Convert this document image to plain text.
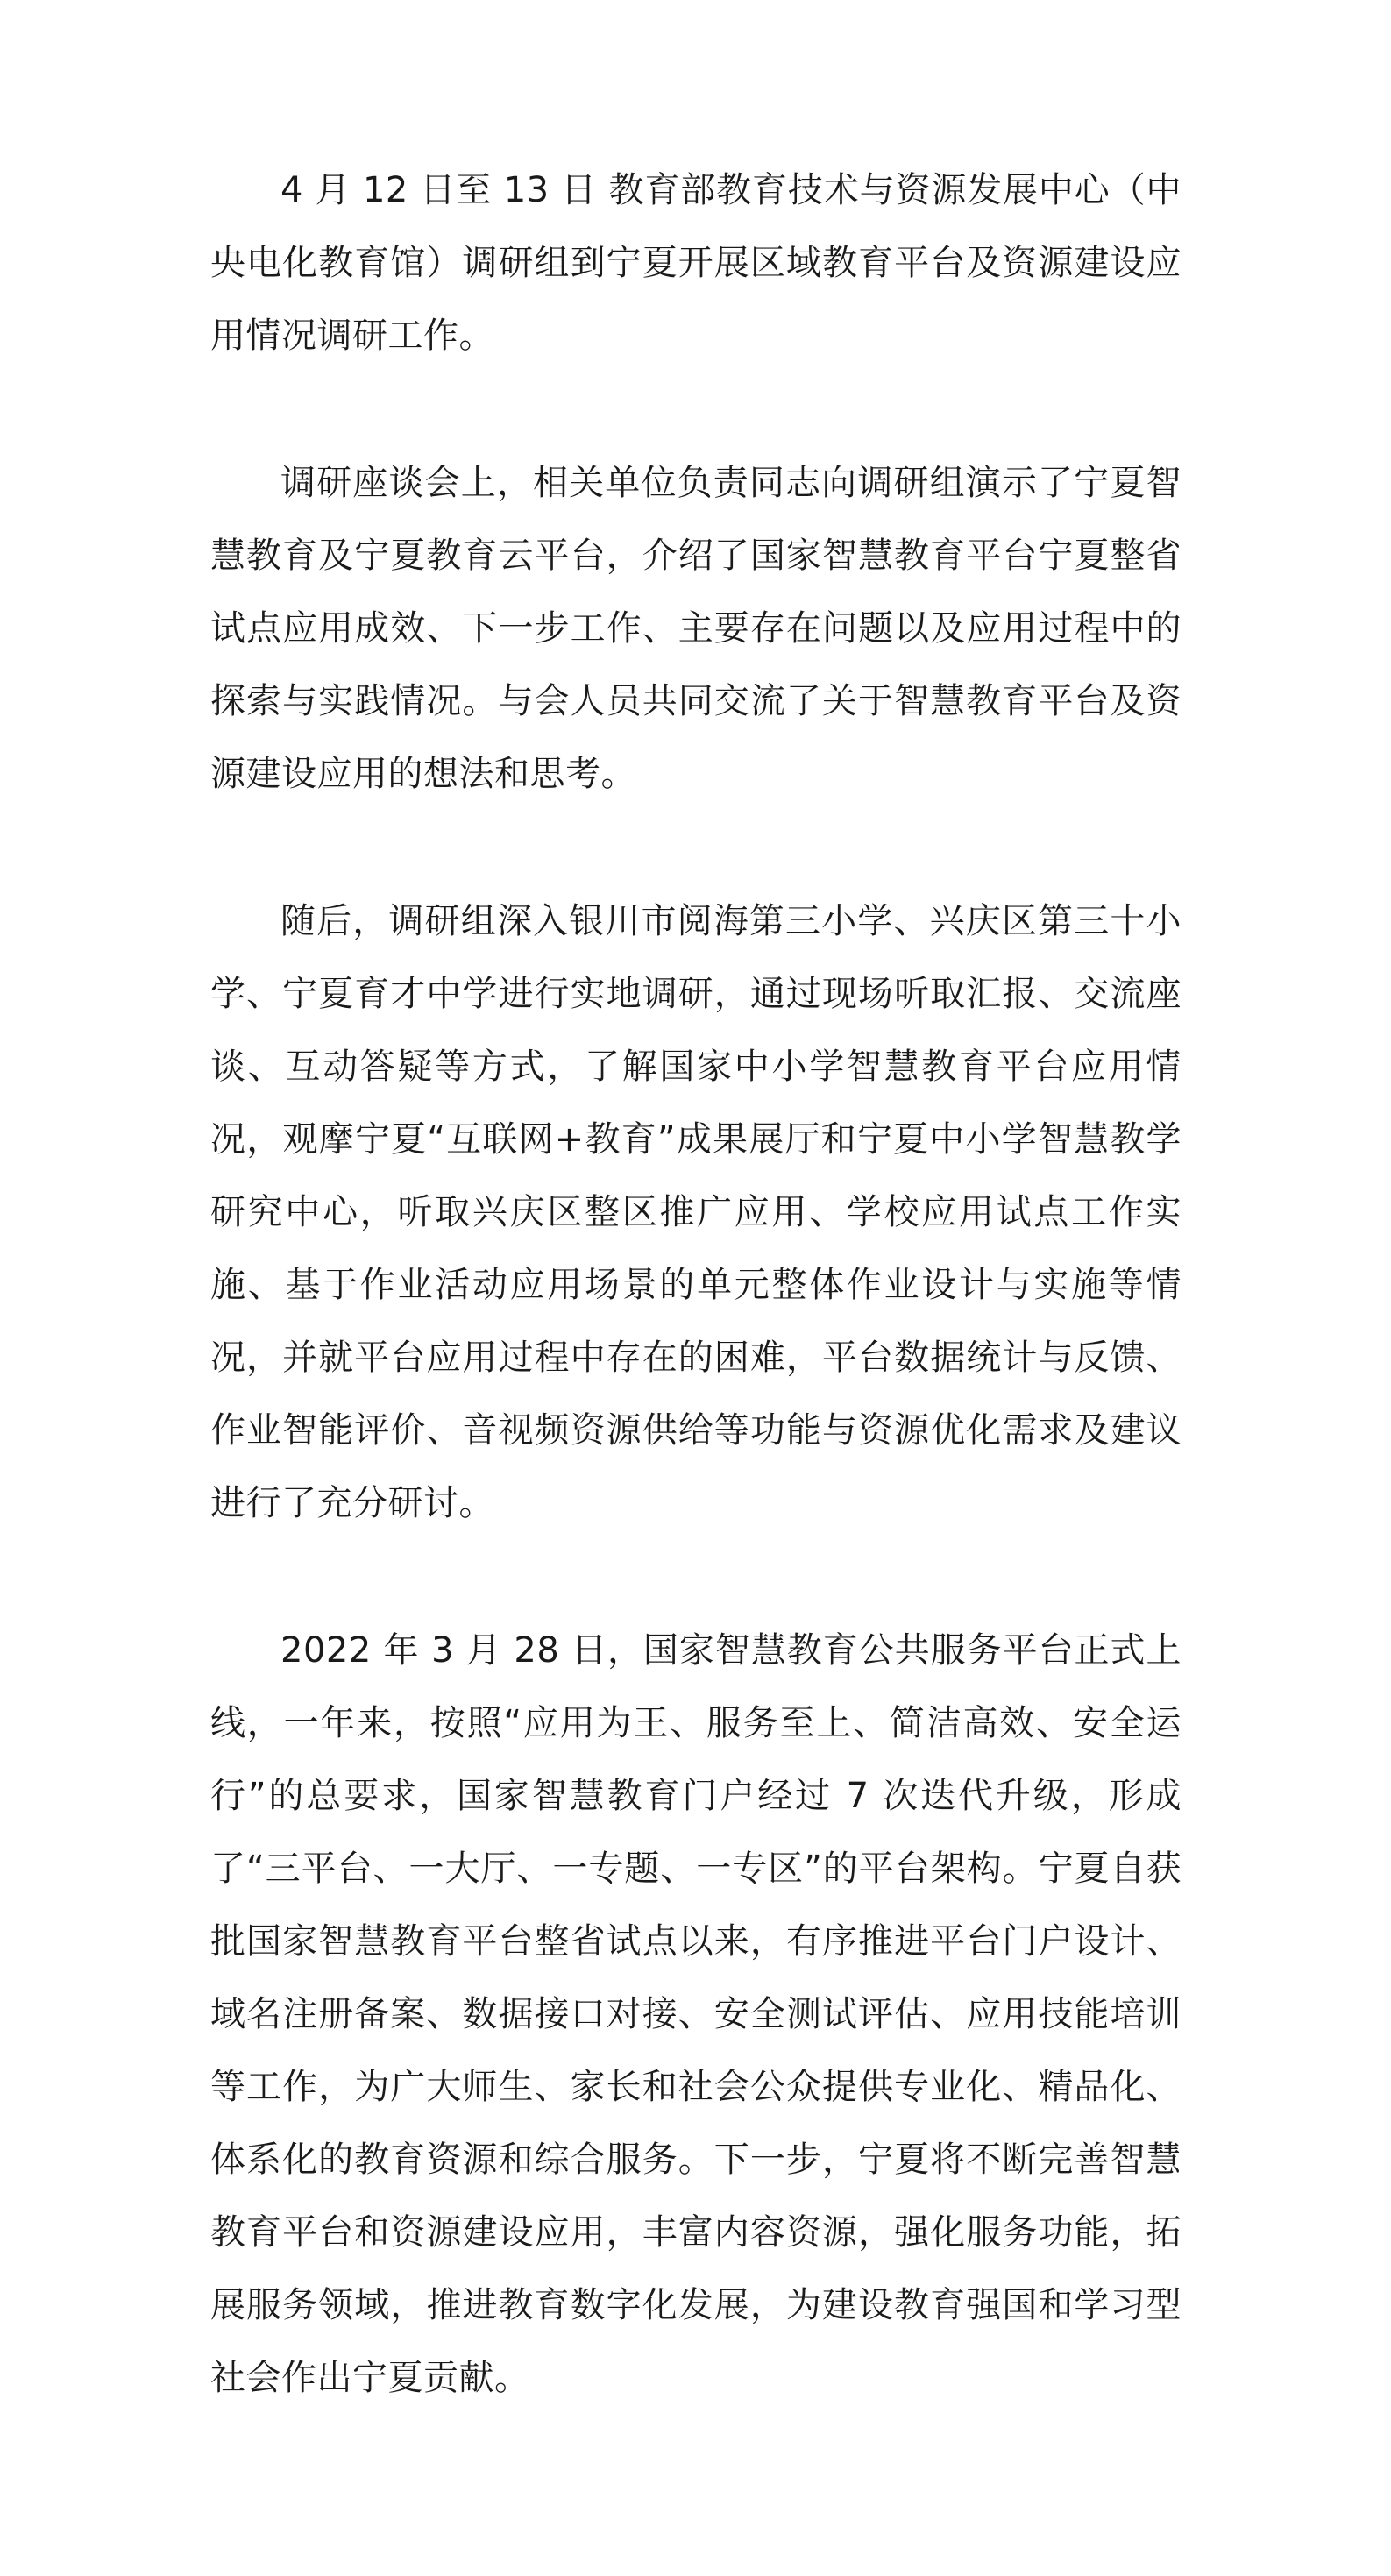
4 月 12 日至 13 日 教育部教育技术与资源发展中心（中央电化教育馆）调研组到宁夏开展区域教育平台及资源建设应用情况调研工作。

调研座谈会上，相关单位负责同志向调研组演示了宁夏智慧教育及宁夏教育云平台，介绍了国家智慧教育平台宁夏整省试点应用成效、下一步工作、主要存在问题以及应用过程中的探索与实践情况。与会人员共同交流了关于智慧教育平台及资源建设应用的想法和思考。

随后，调研组深入银川市阅海第三小学、兴庆区第三十小学、宁夏育才中学进行实地调研，通过现场听取汇报、交流座谈、互动答疑等方式，了解国家中小学智慧教育平台应用情况，观摩宁夏“互联网+教育”成果展厅和宁夏中小学智慧教学研究中心，听取兴庆区整区推广应用、学校应用试点工作实施、基于作业活动应用场景的单元整体作业设计与实施等情况，并就平台应用过程中存在的困难，平台数据统计与反馈、作业智能评价、音视频资源供给等功能与资源优化需求及建议进行了充分研讨。

2022 年 3 月 28 日，国家智慧教育公共服务平台正式上线，一年来，按照“应用为王、服务至上、简洁高效、安全运行”的总要求，国家智慧教育门户经过 7 次迭代升级，形成了“三平台、一大厅、一专题、一专区”的平台架构。宁夏自获批国家智慧教育平台整省试点以来，有序推进平台门户设计、域名注册备案、数据接口对接、安全测试评估、应用技能培训等工作，为广大师生、家长和社会公众提供专业化、精品化、体系化的教育资源和综合服务。下一步，宁夏将不断完善智慧教育平台和资源建设应用，丰富内容资源，强化服务功能，拓展服务领域，推进教育数字化发展，为建设教育强国和学习型社会作出宁夏贡献。
